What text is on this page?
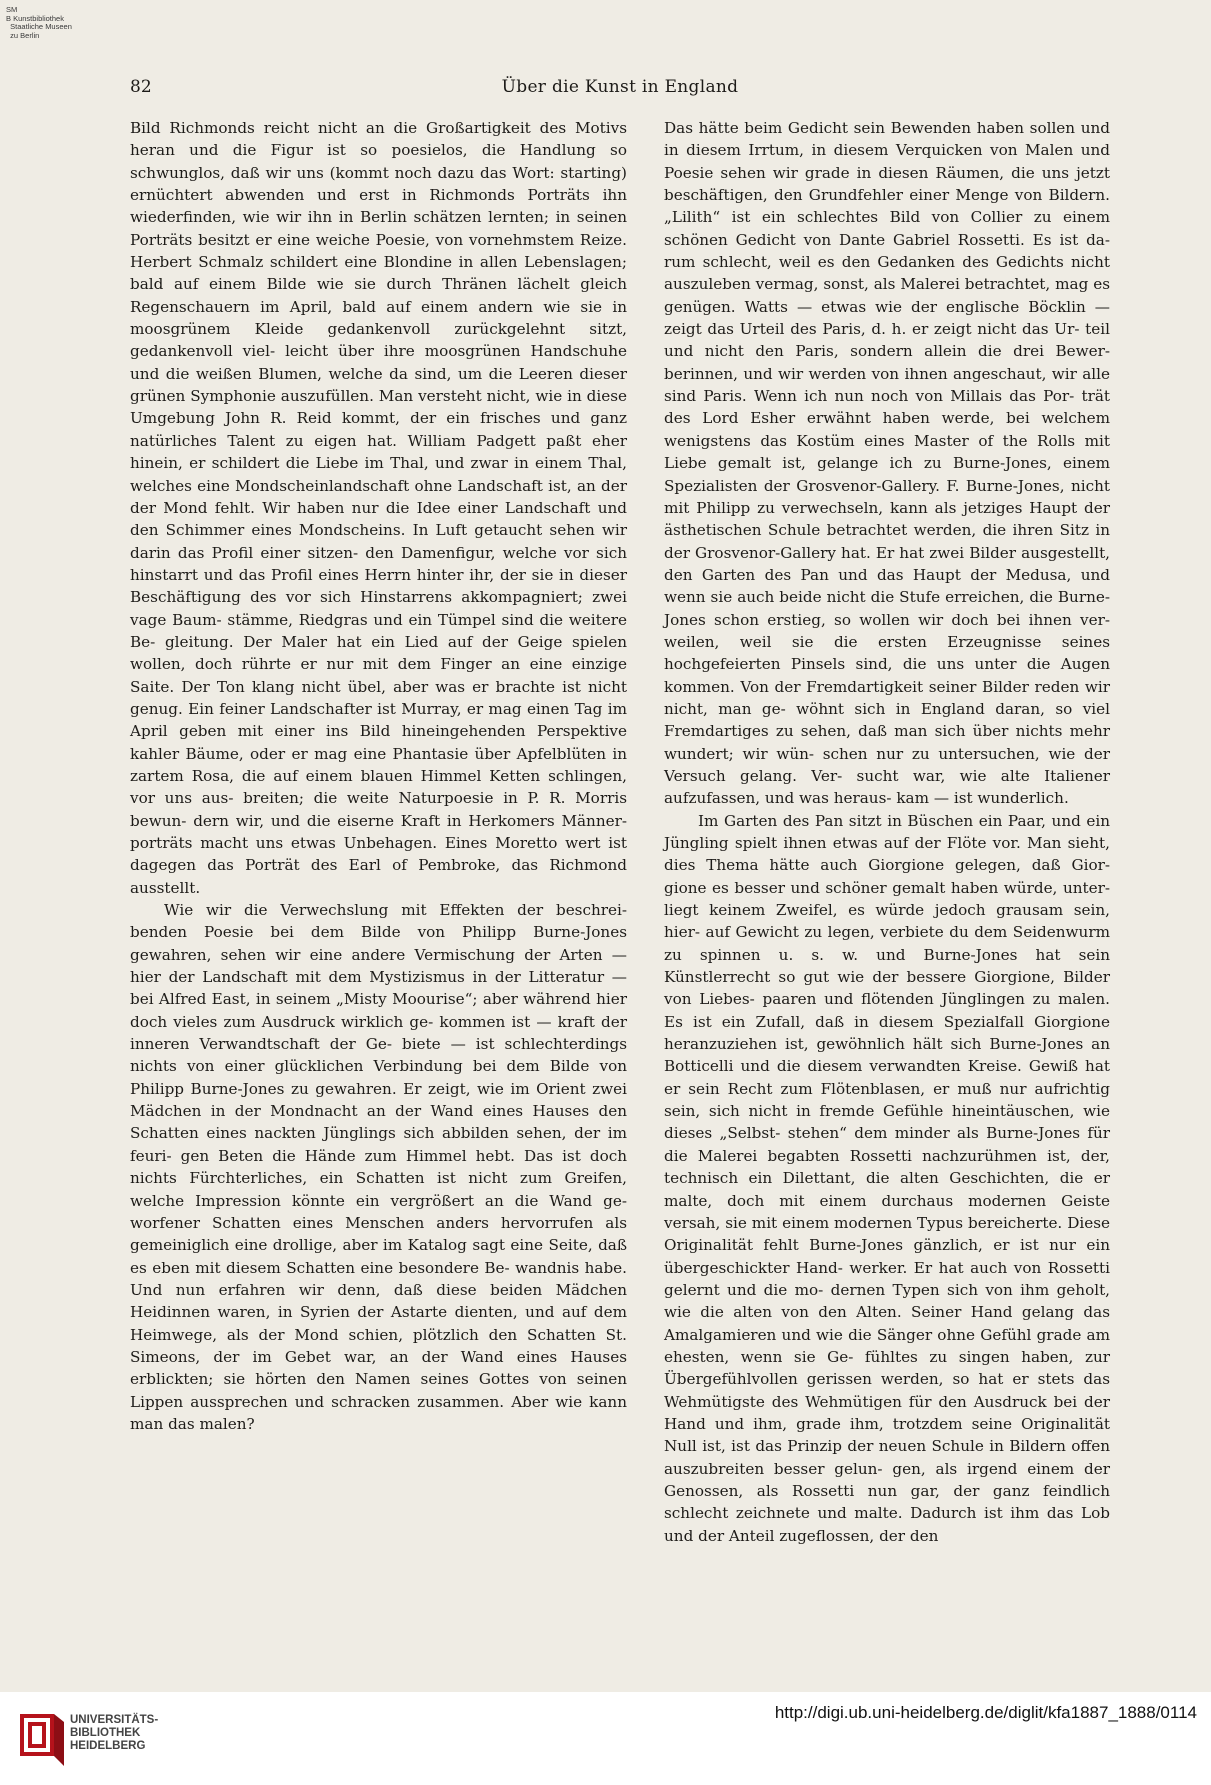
SM
B Kunstbibliothek
Staatliche Museen
zu Berlin
82	Über die Kunst in England

Bild Richmonds reicht nicht an die Großartigkeit des Motivs heran und die Figur ist so poesielos, die Handlung so schwunglos, daß wir uns (kommt noch dazu das Wort: starting) ernüchtert abwenden und erst in Richmonds Porträts ihn wiederfinden, wie wir ihn in Berlin schätzen lernten; in seinen Porträts besitzt er eine weiche Poesie, von vornehmstem Reize. Herbert Schmalz schildert eine Blondine in allen Lebenslagen; bald auf einem Bilde wie sie durch Thränen lächelt gleich Regenschauern im April, bald auf einem andern wie sie in moosgrünem Kleide gedankenvoll zurückgelehnt sitzt, gedankenvoll viel- leicht über ihre moosgrünen Handschuhe und die weißen Blumen, welche da sind, um die Leeren dieser grünen Symphonie auszufüllen. Man versteht nicht, wie in diese Umgebung John R. Reid kommt, der ein frisches und ganz natürliches Talent zu eigen hat. William Padgett paßt eher hinein, er schildert die Liebe im Thal, und zwar in einem Thal, welches eine Mondscheinlandschaft ohne Landschaft ist, an der der Mond fehlt. Wir haben nur die Idee einer Landschaft und den Schimmer eines Mondscheins. In Luft getaucht sehen wir darin das Profil einer sitzen- den Damenfigur, welche vor sich hinstarrt und das Profil eines Herrn hinter ihr, der sie in dieser Beschäftigung des vor sich Hinstarrens akkompagniert; zwei vage Baum- stämme, Riedgras und ein Tümpel sind die weitere Be- gleitung. Der Maler hat ein Lied auf der Geige spielen wollen, doch rührte er nur mit dem Finger an eine einzige Saite. Der Ton klang nicht übel, aber was er brachte ist nicht genug. Ein feiner Landschafter ist Murray, er mag einen Tag im April geben mit einer ins Bild hineingehenden Perspektive kahler Bäume, oder er mag eine Phantasie über Apfelblüten in zartem Rosa, die auf einem blauen Himmel Ketten schlingen, vor uns aus- breiten; die weite Naturpoesie in P. R. Morris bewun- dern wir, und die eiserne Kraft in Herkomers Männer- porträts macht uns etwas Unbehagen. Eines Moretto wert ist dagegen das Porträt des Earl of Pembroke, das Richmond ausstellt.

Wie wir die Verwechslung mit Effekten der beschrei- benden Poesie bei dem Bilde von Philipp Burne-Jones gewahren, sehen wir eine andere Vermischung der Arten — hier der Landschaft mit dem Mystizismus in der Litteratur — bei Alfred East, in seinem „Misty Moourise“; aber während hier doch vieles zum Ausdruck wirklich ge- kommen ist — kraft der inneren Verwandtschaft der Ge- biete — ist schlechterdings nichts von einer glücklichen Verbindung bei dem Bilde von Philipp Burne-Jones zu gewahren. Er zeigt, wie im Orient zwei Mädchen in der Mondnacht an der Wand eines Hauses den Schatten eines nackten Jünglings sich abbilden sehen, der im feuri- gen Beten die Hände zum Himmel hebt. Das ist doch nichts Fürchterliches, ein Schatten ist nicht zum Greifen, welche Impression könnte ein vergrößert an die Wand ge- worfener Schatten eines Menschen anders hervorrufen als gemeiniglich eine drollige, aber im Katalog sagt eine Seite, daß es eben mit diesem Schatten eine besondere Be- wandnis habe. Und nun erfahren wir denn, daß diese beiden Mädchen Heidinnen waren, in Syrien der Astarte dienten, und auf dem Heimwege, als der Mond schien, plötzlich den Schatten St. Simeons, der im Gebet war, an der Wand eines Hauses erblickten; sie hörten den Namen seines Gottes von seinen Lippen aussprechen und schracken zusammen. Aber wie kann man das malen?

Das hätte beim Gedicht sein Bewenden haben sollen und in diesem Irrtum, in diesem Verquicken von Malen und Poesie sehen wir grade in diesen Räumen, die uns jetzt beschäftigen, den Grundfehler einer Menge von Bildern. „Lilith“ ist ein schlechtes Bild von Collier zu einem schönen Gedicht von Dante Gabriel Rossetti. Es ist da- rum schlecht, weil es den Gedanken des Gedichts nicht auszuleben vermag, sonst, als Malerei betrachtet, mag es genügen. Watts — etwas wie der englische Böcklin — zeigt das Urteil des Paris, d. h. er zeigt nicht das Ur- teil und nicht den Paris, sondern allein die drei Bewer- berinnen, und wir werden von ihnen angeschaut, wir alle sind Paris. Wenn ich nun noch von Millais das Por- trät des Lord Esher erwähnt haben werde, bei welchem wenigstens das Kostüm eines Master of the Rolls mit Liebe gemalt ist, gelange ich zu Burne-Jones, einem Spezialisten der Grosvenor-Gallery. F. Burne-Jones, nicht mit Philipp zu verwechseln, kann als jetziges Haupt der ästhetischen Schule betrachtet werden, die ihren Sitz in der Grosvenor-Gallery hat. Er hat zwei Bilder ausgestellt, den Garten des Pan und das Haupt der Medusa, und wenn sie auch beide nicht die Stufe erreichen, die Burne- Jones schon erstieg, so wollen wir doch bei ihnen ver- weilen, weil sie die ersten Erzeugnisse seines hochgefeierten Pinsels sind, die uns unter die Augen kommen. Von der Fremdartigkeit seiner Bilder reden wir nicht, man ge- wöhnt sich in England daran, so viel Fremdartiges zu sehen, daß man sich über nichts mehr wundert; wir wün- schen nur zu untersuchen, wie der Versuch gelang. Ver- sucht war, wie alte Italiener aufzufassen, und was heraus- kam — ist wunderlich.

Im Garten des Pan sitzt in Büschen ein Paar, und ein Jüngling spielt ihnen etwas auf der Flöte vor. Man sieht, dies Thema hätte auch Giorgione gelegen, daß Gior- gione es besser und schöner gemalt haben würde, unter- liegt keinem Zweifel, es würde jedoch grausam sein, hier- auf Gewicht zu legen, verbiete du dem Seidenwurm zu spinnen u. s. w. und Burne-Jones hat sein Künstlerrecht so gut wie der bessere Giorgione, Bilder von Liebes- paaren und flötenden Jünglingen zu malen. Es ist ein Zufall, daß in diesem Spezialfall Giorgione heranzuziehen ist, gewöhnlich hält sich Burne-Jones an Botticelli und die diesem verwandten Kreise. Gewiß hat er sein Recht zum Flötenblasen, er muß nur aufrichtig sein, sich nicht in fremde Gefühle hineintäuschen, wie dieses „Selbst- stehen“ dem minder als Burne-Jones für die Malerei begabten Rossetti nachzurühmen ist, der, technisch ein Dilettant, die alten Geschichten, die er malte, doch mit einem durchaus modernen Geiste versah, sie mit einem modernen Typus bereicherte. Diese Originalität fehlt Burne-Jones gänzlich, er ist nur ein übergeschickter Hand- werker. Er hat auch von Rossetti gelernt und die mo- dernen Typen sich von ihm geholt, wie die alten von den Alten. Seiner Hand gelang das Amalgamieren und wie die Sänger ohne Gefühl grade am ehesten, wenn sie Ge- fühltes zu singen haben, zur Übergefühlvollen gerissen werden, so hat er stets das Wehmütigste des Wehmütigen für den Ausdruck bei der Hand und ihm, grade ihm, trotzdem seine Originalität Null ist, ist das Prinzip der neuen Schule in Bildern offen auszubreiten besser gelun- gen, als irgend einem der Genossen, als Rossetti nun gar, der ganz feindlich schlecht zeichnete und malte. Dadurch ist ihm das Lob und der Anteil zugeflossen, der den

UNIVERSITÄTS-
BIBLIOTHEK
HEIDELBERG
http://digi.ub.uni-heidelberg.de/diglit/kfa1887_1888/0114
